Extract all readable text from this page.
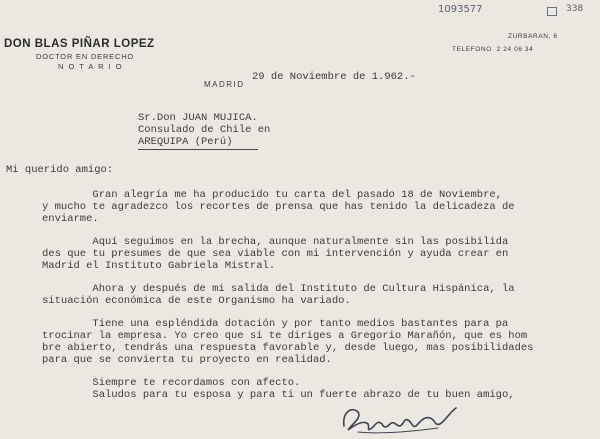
1093577	338
DON BLAS PIÑAR LOPEZ
DOCTOR EN DERECHO
N O T A R I O
ZURBARAN, 6
TELEFONO  2 24 06 34
MADRID
29 de Noviembre de 1.962.-
Sr.Don JUAN MUJICA.
Consulado de Chile en
AREQUIPA (Perú)
Mi querido amigo:
Gran alegría me ha producido tu carta del pasado 18 de Noviembre,
y mucho te agradezco los recortes de prensa que has tenido la delicadeza de
enviarme.
Aquí seguimos en la brecha, aunque naturalmente sin las posibilida
des que tu presumes de que sea viable con mi intervención y ayuda crear en
Madrid el Instituto Gabriela Mistral.
Ahora y después de mi salida del Instituto de Cultura Hispánica, la
situación económica de este Organismo ha variado.
Tiene una espléndida dotación y por tanto medios bastantes para pa
trocinar la empresa. Yo creo que si te diriges a Gregorio Marañón, que es hom
bre abierto, tendrás una respuesta favorable y, desde luego, mas posibilidades
para que se convierta tu proyecto en realidad.
Siempre te recordamos con afecto.
Saludos para tu esposa y para ti un fuerte abrazo de tu buen amigo,
